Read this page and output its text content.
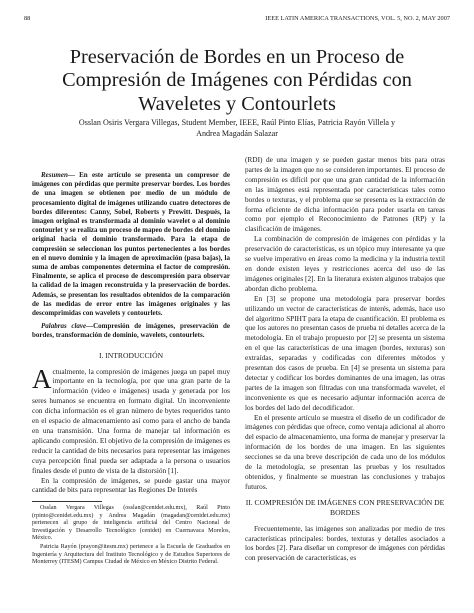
88	IEEE LATIN AMERICA TRANSACTIONS, VOL. 5, NO. 2, MAY 2007
Preservación de Bordes en un Proceso de Compresión de Imágenes con Pérdidas con Waveletes y Contourlets
Osslan Osiris Vergara Villegas, Student Member, IEEE, Raúl Pinto Elías, Patricia Rayón Villela y
Andrea Magadán Salazar

Resumen— En este artículo se presenta un compresor de imágenes con pérdidas que permite preservar bordes. Los bordes de una imagen se obtienen por medio de un módulo de procesamiento digital de imágenes utilizando cuatro detectores de bordes diferentes: Canny, Sobel, Roberts y Prewitt. Después, la imagen original es transformada al dominio wavelet o al dominio contourlet y se realiza un proceso de mapeo de bordes del dominio original hacia el dominio transformado. Para la etapa de compresión se seleccionan los puntos pertenecientes a los bordes en el nuevo dominio y la imagen de aproximación (pasa bajas), la suma de ambas componentes determina el factor de compresión. Finalmente, se aplica el proceso de descompresión para observar la calidad de la imagen reconstruida y la preservación de bordes. Además, se presentan los resultados obtenidos de la comparación de las medidas de error entre las imágenes originales y las descomprimidas con wavelets y contourlets.

Palabras clave—Compresión de imágenes, preservación de bordes, transformación de dominio, wavelets, contourlets.

I. INTRODUCCIÓN

Actualmente, la compresión de imágenes juega un papel muy importante en la tecnología, por que una gran parte de la información (video e imágenes) usada y generada por los seres humanos se encuentra en formato digital. Un inconveniente con dicha información es el gran número de bytes requeridos tanto en el espacio de almacenamiento así como para el ancho de banda en una transmisión. Una forma de manejar tal información es aplicando compresión. El objetivo de la compresión de imágenes es reducir la cantidad de bits necesarios para representar las imágenes cuya percepción final pueda ser adaptada a la persona o usuarios finales desde el punto de vista de la distorsión [1].

En la compresión de imágenes, se puede gastar una mayor cantidad de bits para representar las Regiones De Interés

Osslan Vergara Villegas (osslan@cenidet.edu.mx), Raúl Pinto (rpinto@cenidet.edu.mx) y Andrea Magadán (magadan@cenidet.edu.mx) pertenecen al grupo de inteligencia artificial del Centro Nacional de Investigación y Desarrollo Tecnológico (cenidet) en Cuernavaca Morelos, México.

Patricia Rayón (prayon@itesm.mx) pertenece a la Escuela de Graduados en Ingeniería y Arquitectura del Instituto Tecnológico y de Estudios Superiores de Monterrey (ITESM) Campus Ciudad de México en México Distrito Federal.

(RDI) de una imagen y se pueden gastar menos bits para otras partes de la imagen que no se consideren importantes. El proceso de compresión es difícil por que una gran cantidad de la información en las imágenes está representada por características tales como bordes o texturas, y el problema que se presenta es la extracción de forma eficiente de dicha información para poder usarla en tareas como por ejemplo el Reconocimiento de Patrones (RP) y la clasificación de imágenes.

La combinación de compresión de imágenes con pérdidas y la preservación de características, es un tópico muy interesante ya que se vuelve imperativo en áreas como la medicina y la industria textil en donde existen leyes y restricciones acerca del uso de las imágenes originales [2]. En la literatura existen algunos trabajos que abordan dicho problema.

En [3] se propone una metodología para preservar bordes utilizando un vector de características de interés, además, hace uso del algoritmo SPIHT para la etapa de cuantificación. El problema es que los autores no presentan casos de prueba ni detalles acerca de la metodología. En el trabajo propuesto por [2] se presenta un sistema en el que las características de una imagen (bordes, texturas) son extraídas, separadas y codificadas con diferentes métodos y presentan dos casos de prueba. En [4] se presenta un sistema para detectar y codificar los bordes dominantes de una imagen, las otras partes de la imagen son filtradas con una transformada wavelet, el inconveniente es que es necesario adjuntar información acerca de los bordes del lado del decodificador.

En el presente artículo se muestra el diseño de un codificador de imágenes con pérdidas que ofrece, como ventaja adicional al ahorro del espacio de almacenamiento, una forma de manejar y preservar la información de los bordes de una imagen. En las siguientes secciones se da una breve descripción de cada uno de los módulos de la metodología, se presentan las pruebas y los resultados obtenidos, y finalmente se muestran las conclusiones y trabajos futuros.

II. COMPRESIÓN DE IMÁGENES CON PRESERVACIÓN DE BORDES

Frecuentemente, las imágenes son analizadas por medio de tres características principales: bordes, texturas y detalles asociados a los bordes [2]. Para diseñar un compresor de imágenes con pérdidas con preservación de características, es
